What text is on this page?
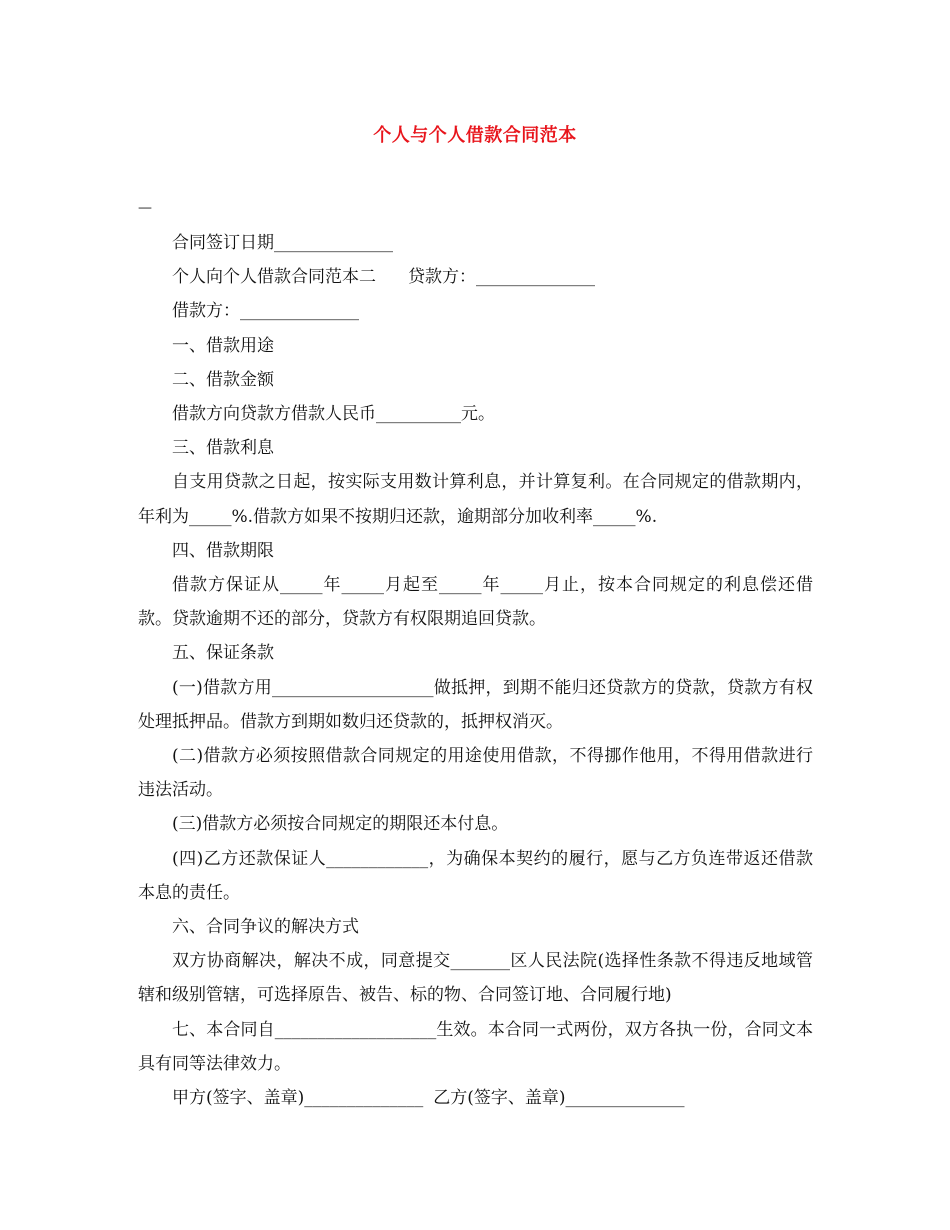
个人与个人借款合同范本
—

合同签订日期______________

个人向个人借款合同范本二 贷款方：______________

借款方：______________

一、借款用途

二、借款金额

借款方向贷款方借款人民币__________元。

三、借款利息

自支用贷款之日起，按实际支用数计算利息，并计算复利。在合同规定的借款期内，年利为_____%.借款方如果不按期归还款，逾期部分加收利率_____%.

四、借款期限

借款方保证从_____年_____月起至_____年_____月止，按本合同规定的利息偿还借款。贷款逾期不还的部分，贷款方有权限期追回贷款。

五、保证条款

(一)借款方用___________________做抵押，到期不能归还贷款方的贷款，贷款方有权处理抵押品。借款方到期如数归还贷款的，抵押权消灭。

(二)借款方必须按照借款合同规定的用途使用借款，不得挪作他用，不得用借款进行违法活动。

(三)借款方必须按合同规定的期限还本付息。

(四)乙方还款保证人____________，为确保本契约的履行，愿与乙方负连带返还借款本息的责任。

六、合同争议的解决方式

双方协商解决，解决不成，同意提交_______区人民法院(选择性条款不得违反地域管辖和级别管辖，可选择原告、被告、标的物、合同签订地、合同履行地)

七、本合同自___________________生效。本合同一式两份，双方各执一份，合同文本具有同等法律效力。

甲方(签字、盖章)______________ 乙方(签字、盖章)______________
